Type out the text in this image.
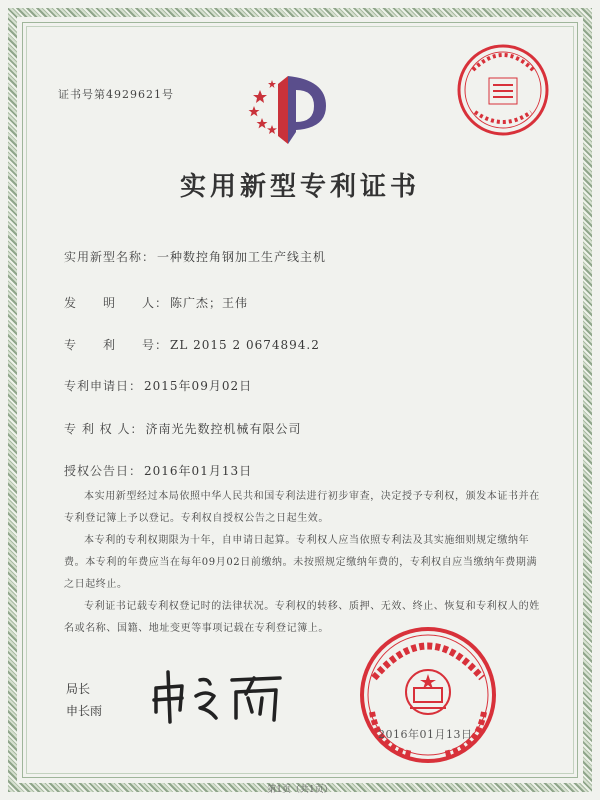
证书号第4929621号
实用新型专利证书
实用新型名称： 一种数控角钢加工生产线主机
发　　明　　人： 陈广杰；王伟
专　　利　　号： ZL 2015 2 0674894.2
专利申请日： 2015年09月02日
专 利 权 人： 济南光先数控机械有限公司
授权公告日： 2016年01月13日

本实用新型经过本局依照中华人民共和国专利法进行初步审查，决定授予专利权，颁发本证书并在专利登记簿上予以登记。专利权自授权公告之日起生效。

本专利的专利权期限为十年，自申请日起算。专利权人应当依照专利法及其实施细则规定缴纳年费。本专利的年费应当在每年09月02日前缴纳。未按照规定缴纳年费的，专利权自应当缴纳年费期满之日起终止。

专利证书记载专利权登记时的法律状况。专利权的转移、质押、无效、终止、恢复和专利权人的姓名或名称、国籍、地址变更等事项记载在专利登记簿上。

局长
申长雨
2016年01月13日
第1页（共1页）
